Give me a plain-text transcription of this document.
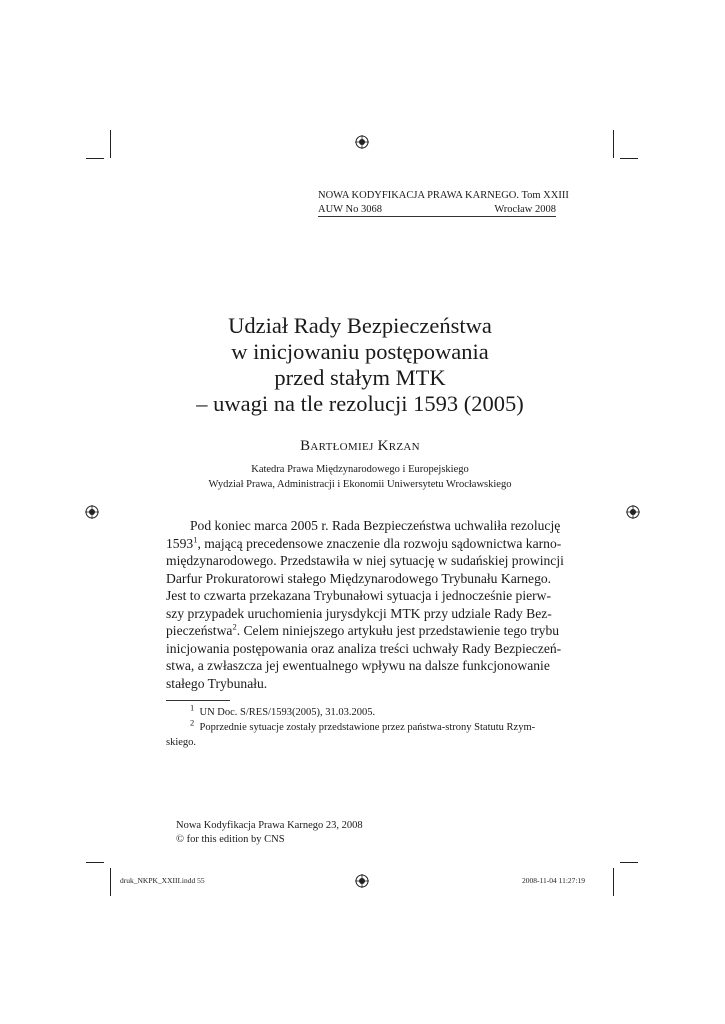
NOWA KODYFIKACJA PRAWA KARNEGO. Tom XXIII
AUW No 3068	Wrocław 2008
Udział Rady Bezpieczeństwa
w inicjowaniu postępowania
przed stałym MTK
– uwagi na tle rezolucji 1593 (2005)
Bartłomiej Krzan
Katedra Prawa Międzynarodowego i Europejskiego
Wydział Prawa, Administracji i Ekonomii Uniwersytetu Wrocławskiego
Pod koniec marca 2005 r. Rada Bezpieczeństwa uchwaliła rezolucję
1593$^1$, mającą precedensowe znaczenie dla rozwoju sądownictwa karno-
międzynarodowego. Przedstawiła w niej sytuację w sudańskiej prowincji
Darfur Prokuratorowi stałego Międzynarodowego Trybunału Karnego.
Jest to czwarta przekazana Trybunałowi sytuacja i jednocześnie pierw-
szy przypadek uruchomienia jurysdykcji MTK przy udziale Rady Bez-
pieczeństwa$^2$. Celem niniejszego artykułu jest przedstawienie tego trybu
inicjowania postępowania oraz analiza treści uchwały Rady Bezpieczeń-
stwa, a zwłaszcza jej ewentualnego wpływu na dalsze funkcjonowanie
stałego Trybunału.
$^1$ UN Doc. S/RES/1593(2005), 31.03.2005.
$^2$ Poprzednie sytuacje zostały przedstawione przez państwa-strony Statutu Rzym-
skiego.
Nowa Kodyfikacja Prawa Karnego 23, 2008
© for this edition by CNS
druk_NKPK_XXIII.indd 55	2008-11-04 11:27:19
